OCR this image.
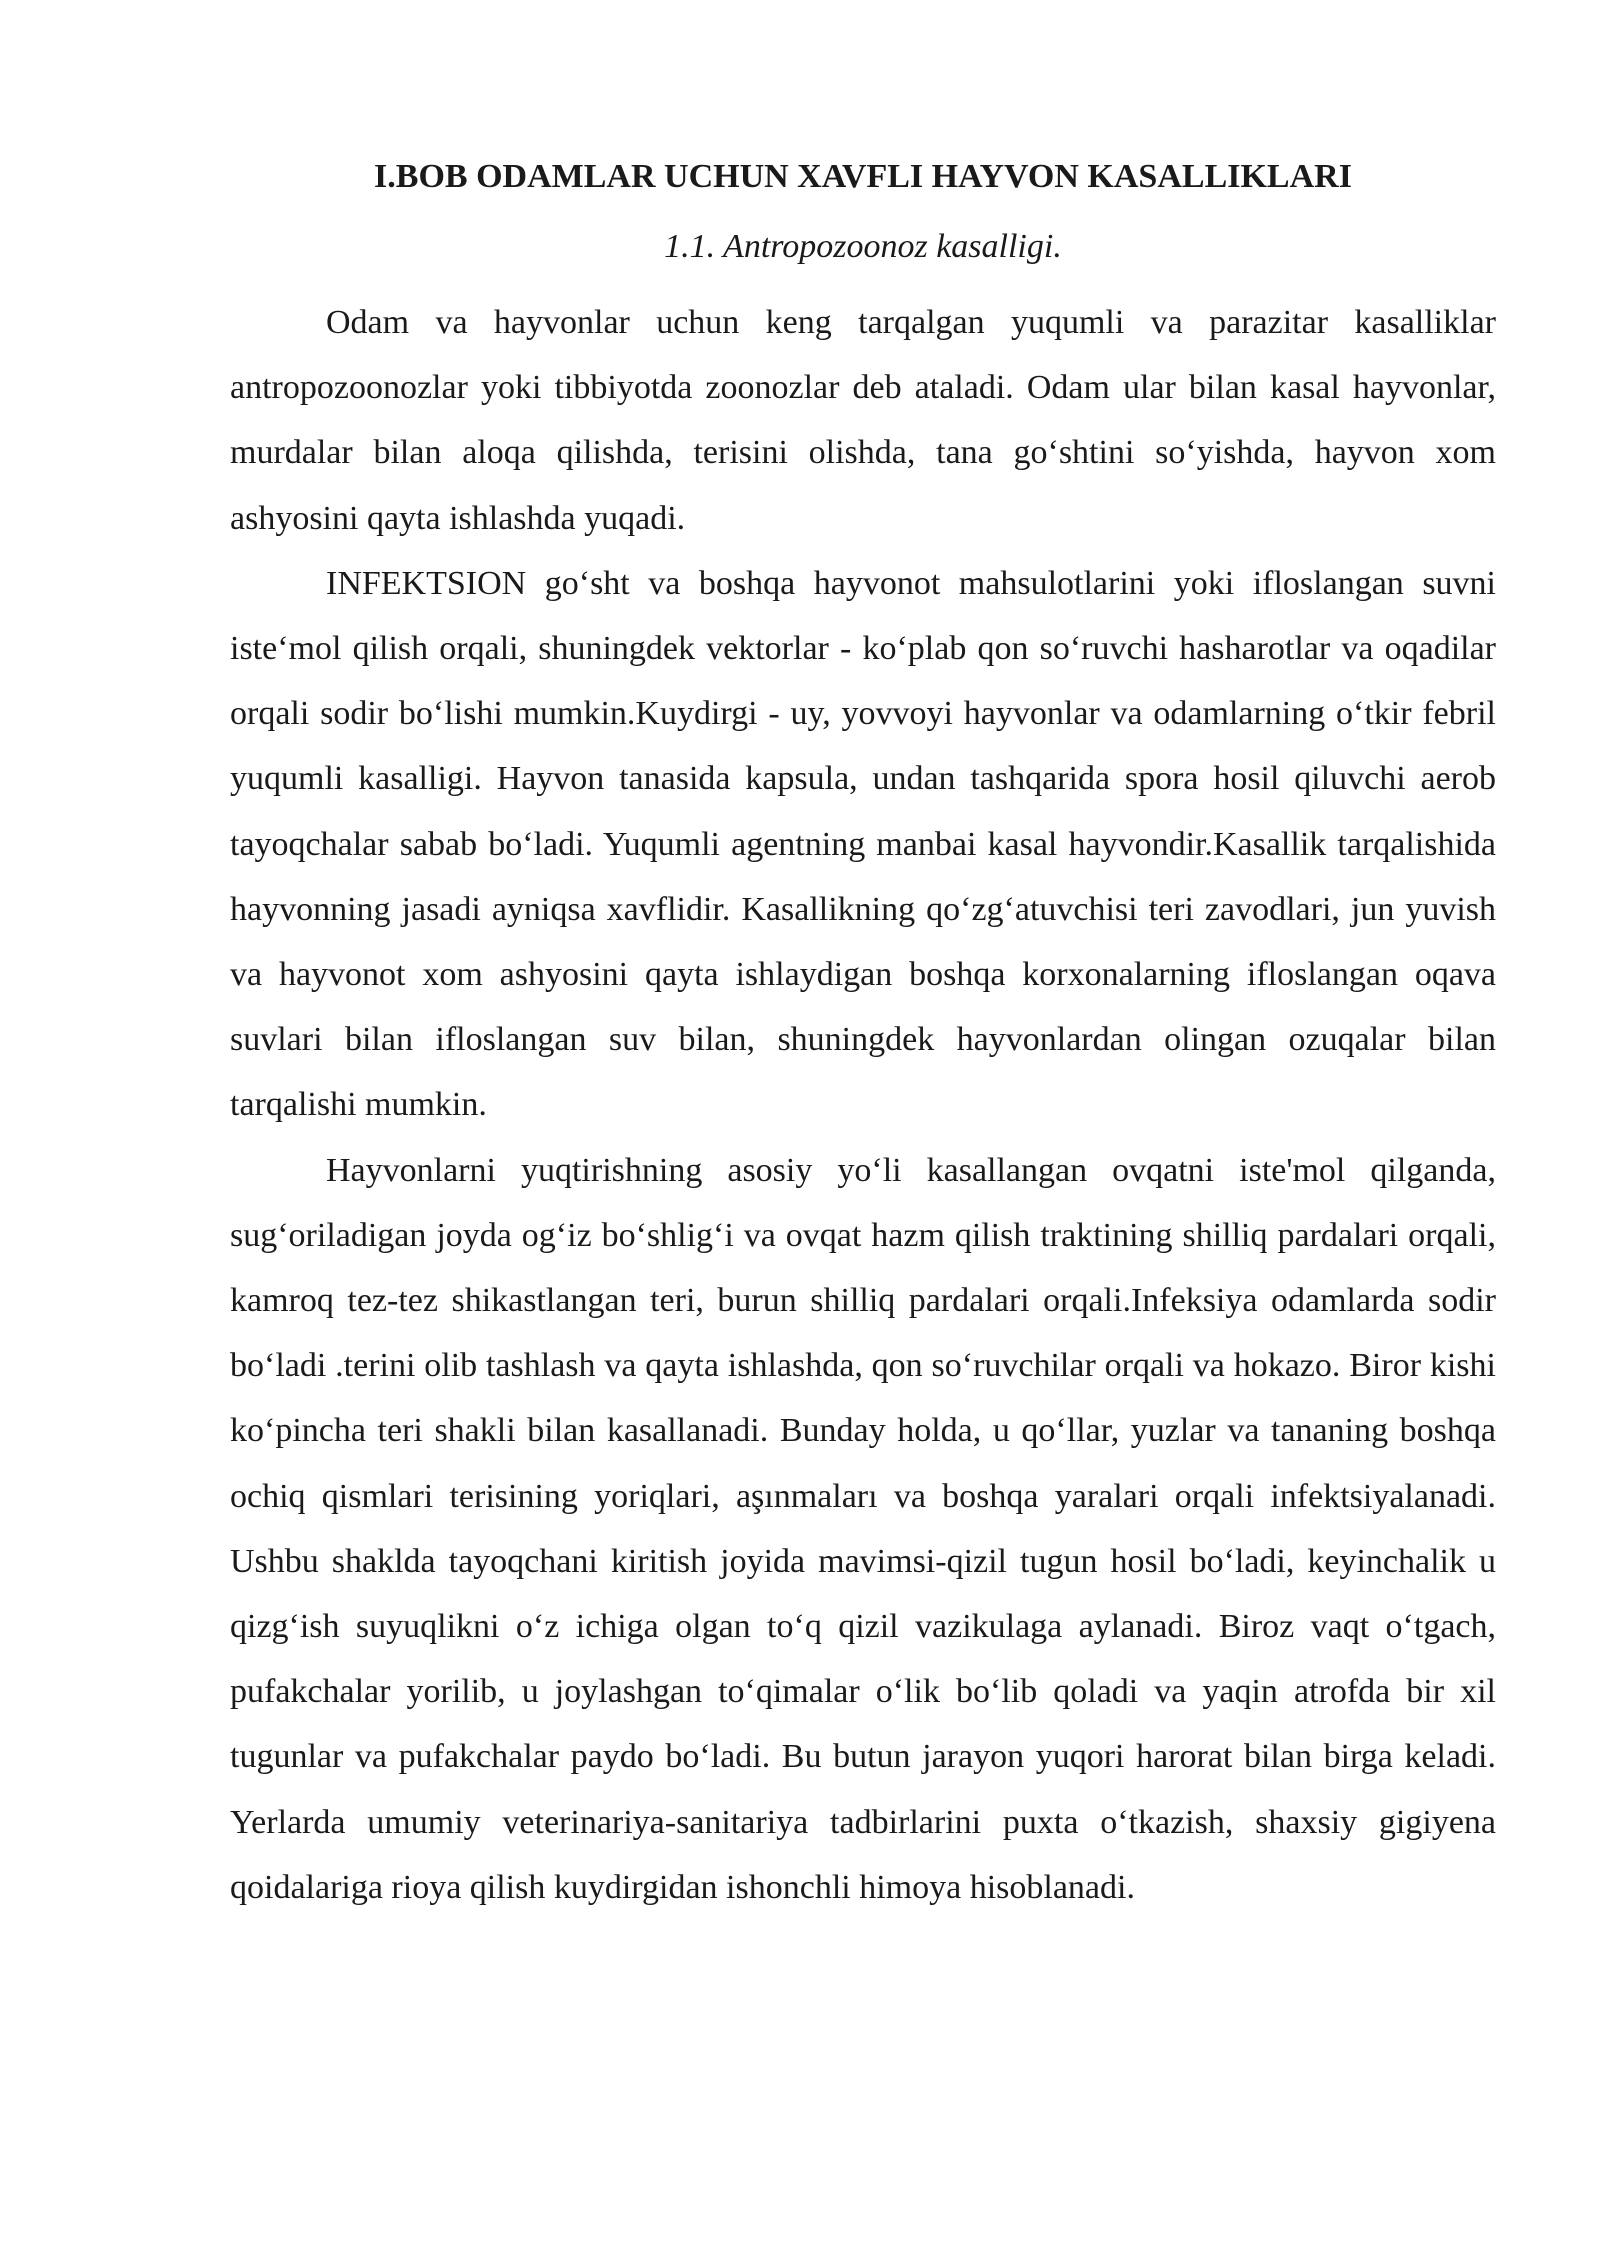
I.BOB ODAMLAR UCHUN XAVFLI HAYVON KASALLIKLARI
1.1. Antropozoonoz kasalligi.

Odam va hayvonlar uchun keng tarqalgan yuqumli va parazitar kasalliklar antropozoonozlar yoki tibbiyotda zoonozlar deb ataladi. Odam ular bilan kasal hayvonlar, murdalar bilan aloqa qilishda, terisini olishda, tana go‘shtini so‘yishda, hayvon xom ashyosini qayta ishlashda yuqadi.

INFEKTSION go‘sht va boshqa hayvonot mahsulotlarini yoki ifloslangan suvni iste‘mol qilish orqali, shuningdek vektorlar - ko‘plab qon so‘ruvchi hasharotlar va oqadilar orqali sodir bo‘lishi mumkin.Kuydirgi - uy, yovvoyi hayvonlar va odamlarning o‘tkir febril yuqumli kasalligi. Hayvon tanasida kapsula, undan tashqarida spora hosil qiluvchi aerob tayoqchalar sabab bo‘ladi. Yuqumli agentning manbai kasal hayvondir.Kasallik tarqalishida hayvonning jasadi ayniqsa xavflidir. Kasallikning qo‘zg‘atuvchisi teri zavodlari, jun yuvish va hayvonot xom ashyosini qayta ishlaydigan boshqa korxonalarning ifloslangan oqava suvlari bilan ifloslangan suv bilan, shuningdek hayvonlardan olingan ozuqalar bilan tarqalishi mumkin.

Hayvonlarni yuqtirishning asosiy yo‘li kasallangan ovqatni iste'mol qilganda, sug‘oriladigan joyda og‘iz bo‘shlig‘i va ovqat hazm qilish traktining shilliq pardalari orqali, kamroq tez-tez shikastlangan teri, burun shilliq pardalari orqali.Infeksiya odamlarda sodir bo‘ladi .terini olib tashlash va qayta ishlashda, qon so‘ruvchilar orqali va hokazo. Biror kishi ko‘pincha teri shakli bilan kasallanadi. Bunday holda, u qo‘llar, yuzlar va tananing boshqa ochiq qismlari terisining yoriqlari, aşınmaları va boshqa yaralari orqali infektsiyalanadi. Ushbu shaklda tayoqchani kiritish joyida mavimsi-qizil tugun hosil bo‘ladi, keyinchalik u qizg‘ish suyuqlikni o‘z ichiga olgan to‘q qizil vazikulaga aylanadi. Biroz vaqt o‘tgach, pufakchalar yorilib, u joylashgan to‘qimalar o‘lik bo‘lib qoladi va yaqin atrofda bir xil tugunlar va pufakchalar paydo bo‘ladi. Bu butun jarayon yuqori harorat bilan birga keladi. Yerlarda umumiy veterinariya-sanitariya tadbirlarini puxta o‘tkazish, shaxsiy gigiyena qoidalariga rioya qilish kuydirgidan ishonchli himoya hisoblanadi.
